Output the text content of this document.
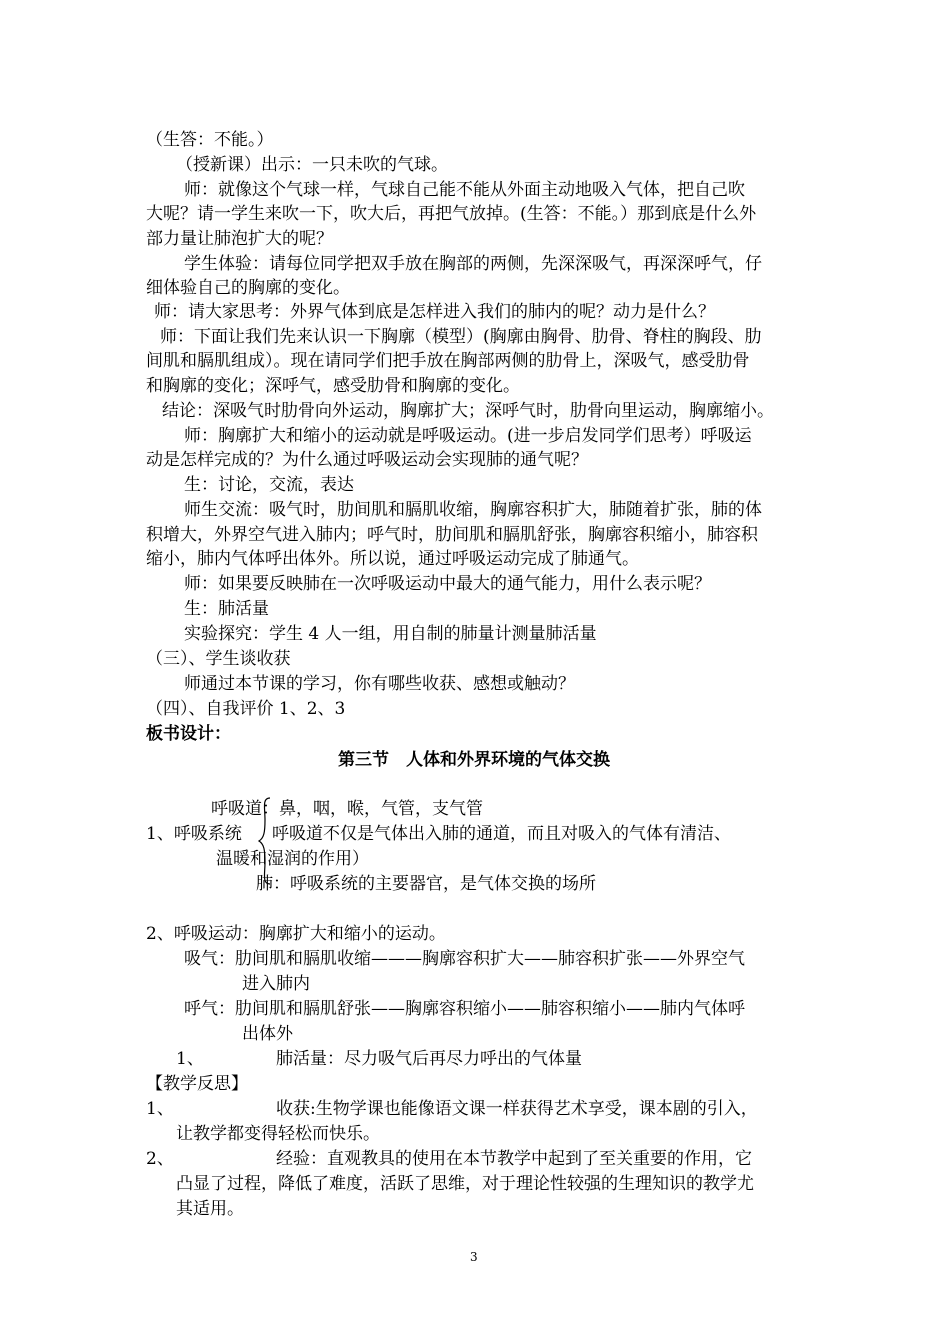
（生答：不能。）
（授新课）出示：一只未吹的气球。
师：就像这个气球一样，气球自己能不能从外面主动地吸入气体，把自己吹
大呢？请一学生来吹一下，吹大后，再把气放掉。(生答：不能。）那到底是什么外
部力量让肺泡扩大的呢？
学生体验：请每位同学把双手放在胸部的两侧，先深深吸气，再深深呼气，仔
细体验自己的胸廓的变化。
师：请大家思考：外界气体到底是怎样进入我们的肺内的呢？动力是什么？
师：下面让我们先来认识一下胸廓（模型）(胸廓由胸骨、肋骨、脊柱的胸段、肋
间肌和膈肌组成）。现在请同学们把手放在胸部两侧的肋骨上，深吸气，感受肋骨
和胸廓的变化；深呼气，感受肋骨和胸廓的变化。
结论：深吸气时肋骨向外运动，胸廓扩大；深呼气时，肋骨向里运动，胸廓缩小。
师：胸廓扩大和缩小的运动就是呼吸运动。(进一步启发同学们思考）呼吸运
动是怎样完成的？为什么通过呼吸运动会实现肺的通气呢？
生：讨论，交流，表达
师生交流：吸气时，肋间肌和膈肌收缩，胸廓容积扩大，肺随着扩张，肺的体
积增大，外界空气进入肺内；呼气时，肋间肌和膈肌舒张，胸廓容积缩小，肺容积
缩小，肺内气体呼出体外。所以说，通过呼吸运动完成了肺通气。
师：如果要反映肺在一次呼吸运动中最大的通气能力，用什么表示呢？
生：肺活量
实验探究：学生 4 人一组，用自制的肺量计测量肺活量
（三）、学生谈收获
师通过本节课的学习，你有哪些收获、感想或触动？
（四）、自我评价 1、2、3
板书设计：
第三节　人体和外界环境的气体交换
呼吸道：鼻，咽，喉，气管，支气管
1、呼吸系统 呼吸道不仅是气体出入肺的通道，而且对吸入的气体有清洁、
温暖和湿润的作用）
肺：呼吸系统的主要器官，是气体交换的场所
2、呼吸运动：胸廓扩大和缩小的运动。
吸气：肋间肌和膈肌收缩———胸廓容积扩大——肺容积扩张——外界空气
进入肺内
呼气：肋间肌和膈肌舒张——胸廓容积缩小——肺容积缩小——肺内气体呼
出体外
1、	肺活量：尽力吸气后再尽力呼出的气体量
【教学反思】
1、	收获:生物学课也能像语文课一样获得艺术享受，课本剧的引入，
让教学都变得轻松而快乐。
2、	经验：直观教具的使用在本节教学中起到了至关重要的作用，它
凸显了过程，降低了难度，活跃了思维，对于理论性较强的生理知识的教学尤
其适用。
3
